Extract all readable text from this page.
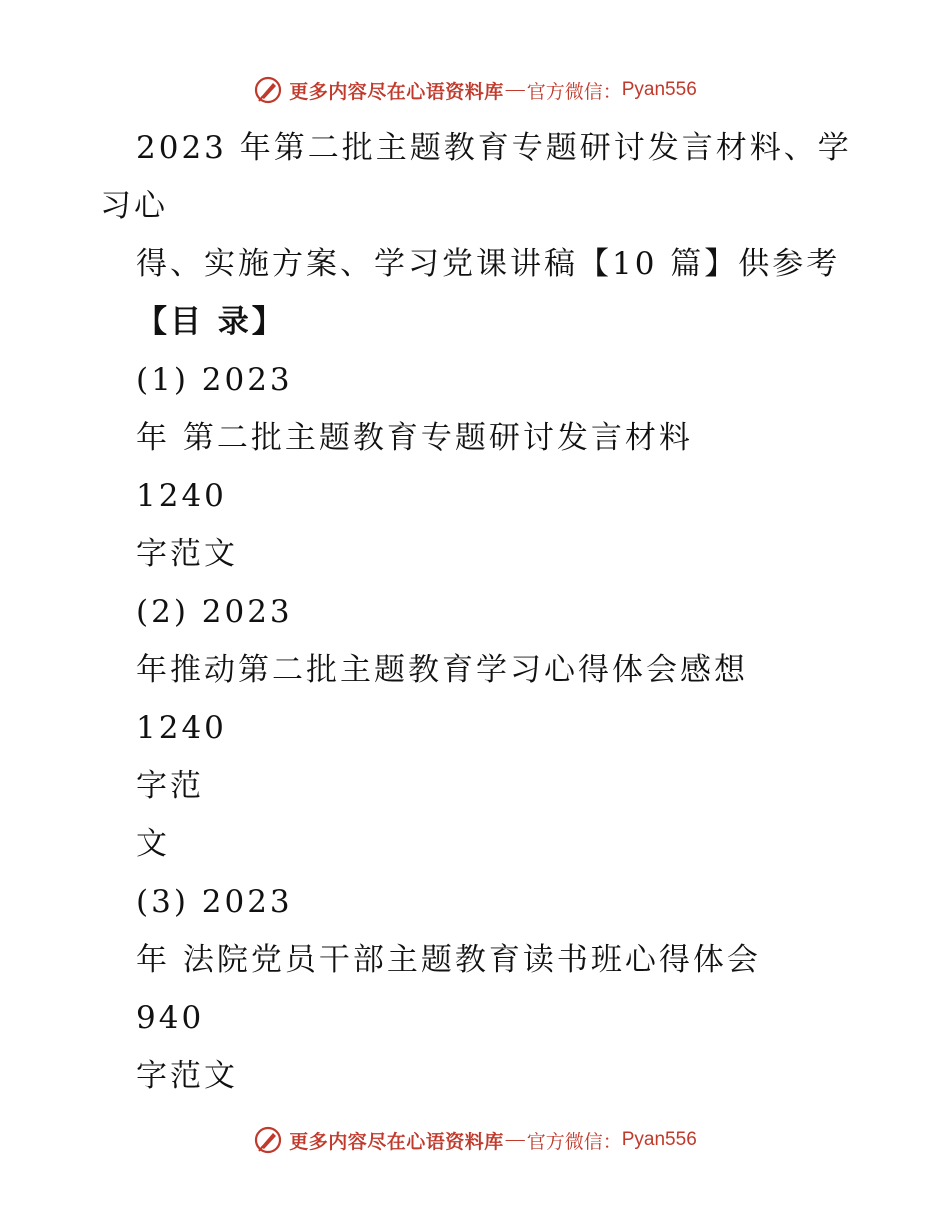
更多内容尽在心语资料库 — 官方微信： Pyan556
2023 年第二批主题教育专题研讨发言材料、学
习心
得、实施方案、学习党课讲稿【10 篇】供参考
【目 录】
(1) 2023
年 第二批主题教育专题研讨发言材料
1240
字范文
(2) 2023
年推动第二批主题教育学习心得体会感想
1240
字范
文
(3) 2023
年 法院党员干部主题教育读书班心得体会
940
字范文
更多内容尽在心语资料库 — 官方微信： Pyan556
